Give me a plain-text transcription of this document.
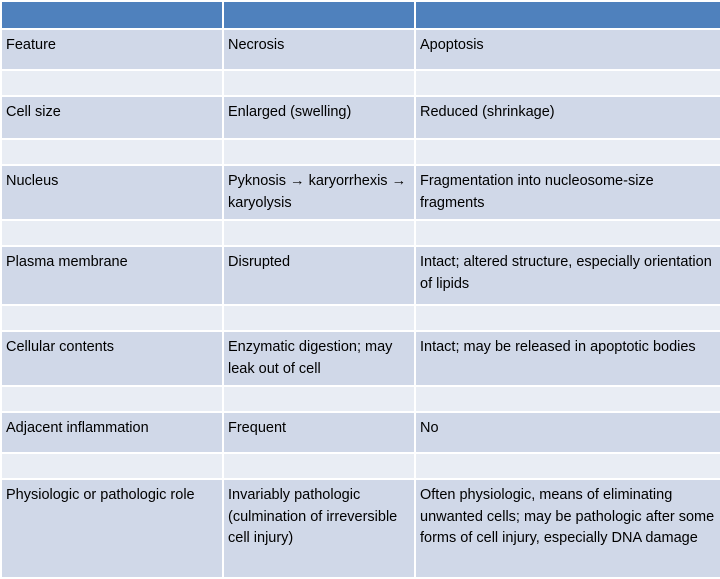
Feature	Necrosis	Apoptosis

Cell size	Enlarged (swelling)	Reduced (shrinkage)

Nucleus	Pyknosis → karyorrhexis → karyolysis	Fragmentation into nucleosome-size fragments

Plasma membrane	Disrupted	Intact; altered structure, especially orientation of lipids

Cellular contents	Enzymatic digestion; may leak out of cell	Intact; may be released in apoptotic bodies

Adjacent inflammation	Frequent	No

Physiologic or pathologic role	Invariably pathologic (culmination of irreversible cell injury)	Often physiologic, means of eliminating unwanted cells; may be pathologic after some forms of cell injury, especially DNA damage
